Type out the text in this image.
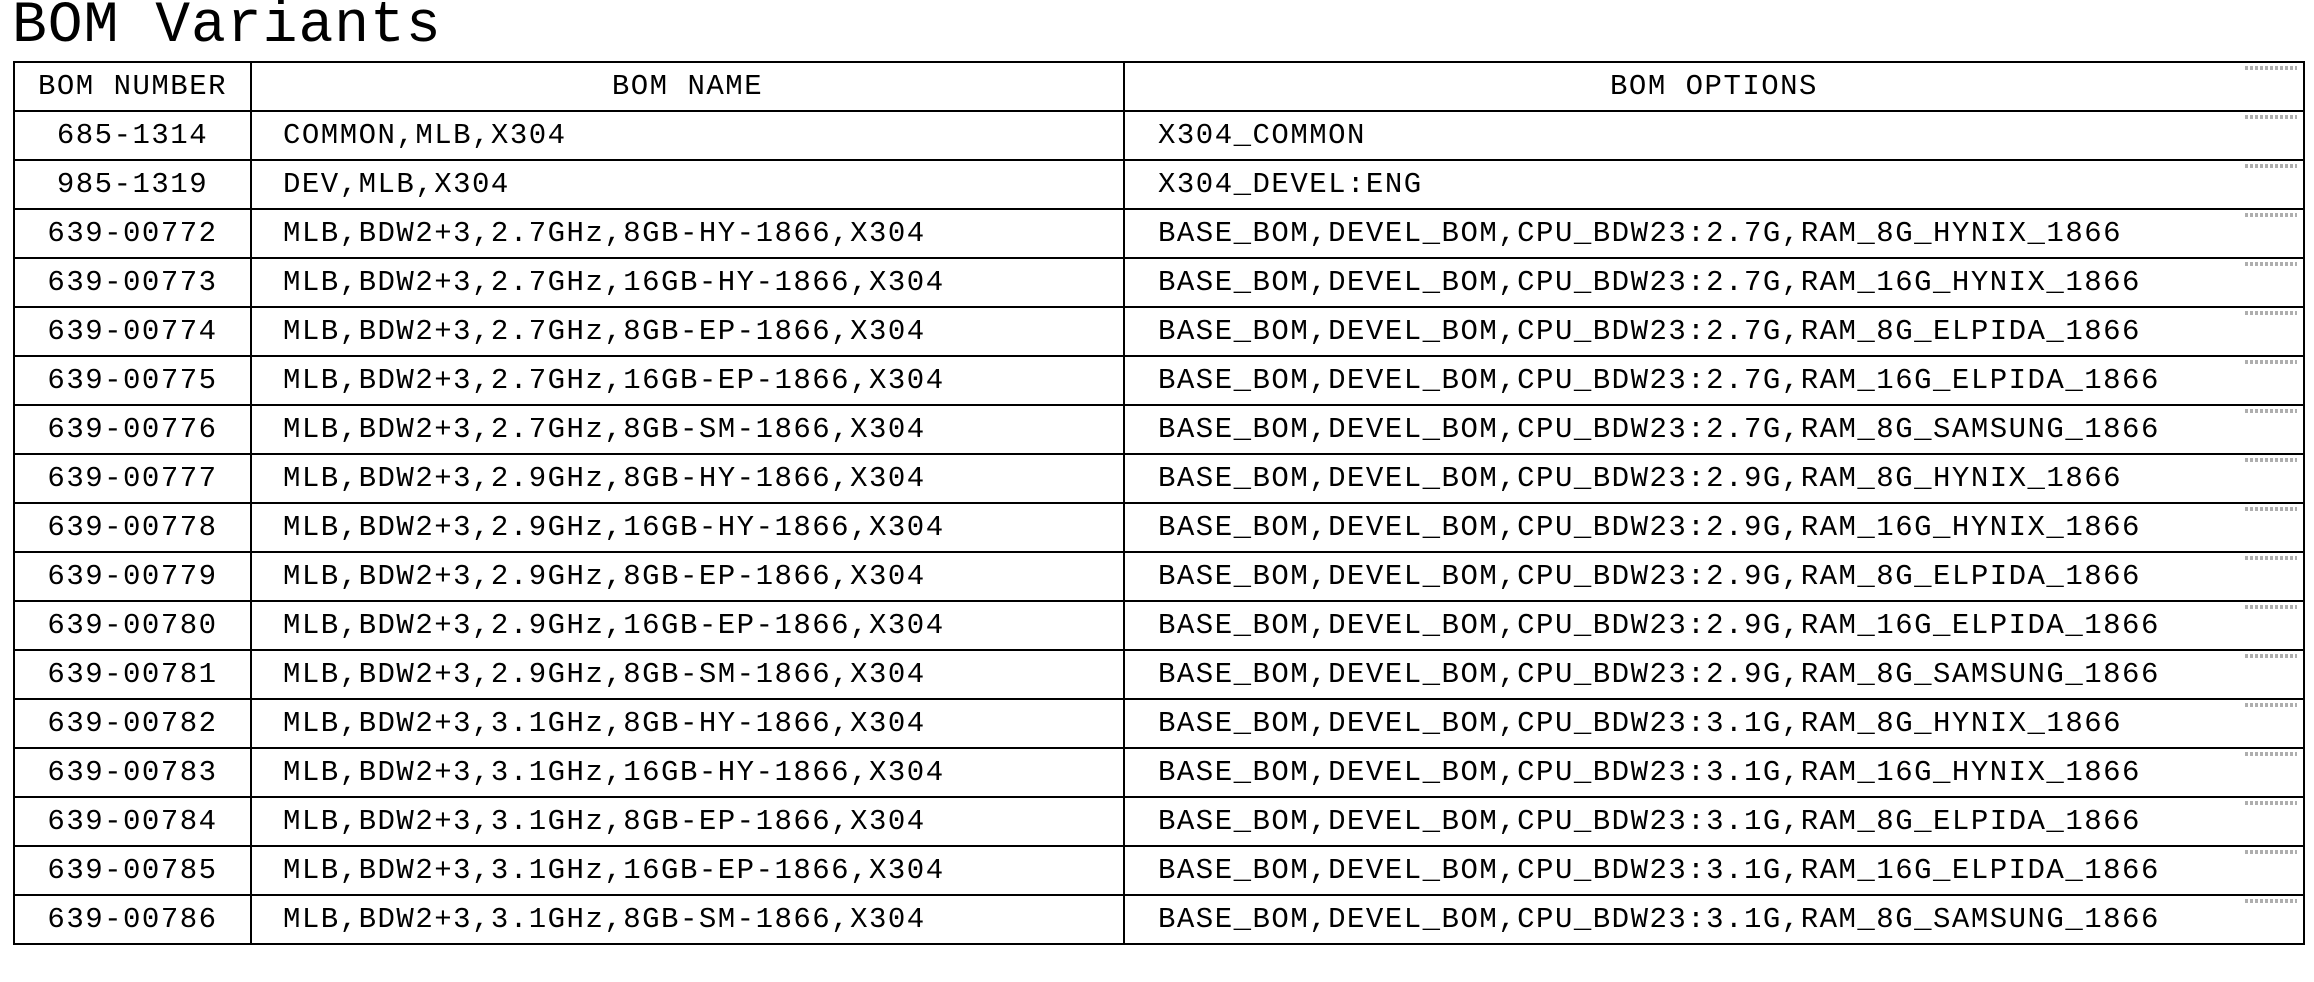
BOM Variants
BOM NUMBER	BOM NAME	BOM OPTIONS

685-1314	COMMON,MLB,X304	X304_COMMON

985-1319	DEV,MLB,X304	X304_DEVEL:ENG

639-00772	MLB,BDW2+3,2.7GHz,8GB-HY-1866,X304	BASE_BOM,DEVEL_BOM,CPU_BDW23:2.7G,RAM_8G_HYNIX_1866

639-00773	MLB,BDW2+3,2.7GHz,16GB-HY-1866,X304	BASE_BOM,DEVEL_BOM,CPU_BDW23:2.7G,RAM_16G_HYNIX_1866

639-00774	MLB,BDW2+3,2.7GHz,8GB-EP-1866,X304	BASE_BOM,DEVEL_BOM,CPU_BDW23:2.7G,RAM_8G_ELPIDA_1866

639-00775	MLB,BDW2+3,2.7GHz,16GB-EP-1866,X304	BASE_BOM,DEVEL_BOM,CPU_BDW23:2.7G,RAM_16G_ELPIDA_1866

639-00776	MLB,BDW2+3,2.7GHz,8GB-SM-1866,X304	BASE_BOM,DEVEL_BOM,CPU_BDW23:2.7G,RAM_8G_SAMSUNG_1866

639-00777	MLB,BDW2+3,2.9GHz,8GB-HY-1866,X304	BASE_BOM,DEVEL_BOM,CPU_BDW23:2.9G,RAM_8G_HYNIX_1866

639-00778	MLB,BDW2+3,2.9GHz,16GB-HY-1866,X304	BASE_BOM,DEVEL_BOM,CPU_BDW23:2.9G,RAM_16G_HYNIX_1866

639-00779	MLB,BDW2+3,2.9GHz,8GB-EP-1866,X304	BASE_BOM,DEVEL_BOM,CPU_BDW23:2.9G,RAM_8G_ELPIDA_1866

639-00780	MLB,BDW2+3,2.9GHz,16GB-EP-1866,X304	BASE_BOM,DEVEL_BOM,CPU_BDW23:2.9G,RAM_16G_ELPIDA_1866

639-00781	MLB,BDW2+3,2.9GHz,8GB-SM-1866,X304	BASE_BOM,DEVEL_BOM,CPU_BDW23:2.9G,RAM_8G_SAMSUNG_1866

639-00782	MLB,BDW2+3,3.1GHz,8GB-HY-1866,X304	BASE_BOM,DEVEL_BOM,CPU_BDW23:3.1G,RAM_8G_HYNIX_1866

639-00783	MLB,BDW2+3,3.1GHz,16GB-HY-1866,X304	BASE_BOM,DEVEL_BOM,CPU_BDW23:3.1G,RAM_16G_HYNIX_1866

639-00784	MLB,BDW2+3,3.1GHz,8GB-EP-1866,X304	BASE_BOM,DEVEL_BOM,CPU_BDW23:3.1G,RAM_8G_ELPIDA_1866

639-00785	MLB,BDW2+3,3.1GHz,16GB-EP-1866,X304	BASE_BOM,DEVEL_BOM,CPU_BDW23:3.1G,RAM_16G_ELPIDA_1866

639-00786	MLB,BDW2+3,3.1GHz,8GB-SM-1866,X304	BASE_BOM,DEVEL_BOM,CPU_BDW23:3.1G,RAM_8G_SAMSUNG_1866
